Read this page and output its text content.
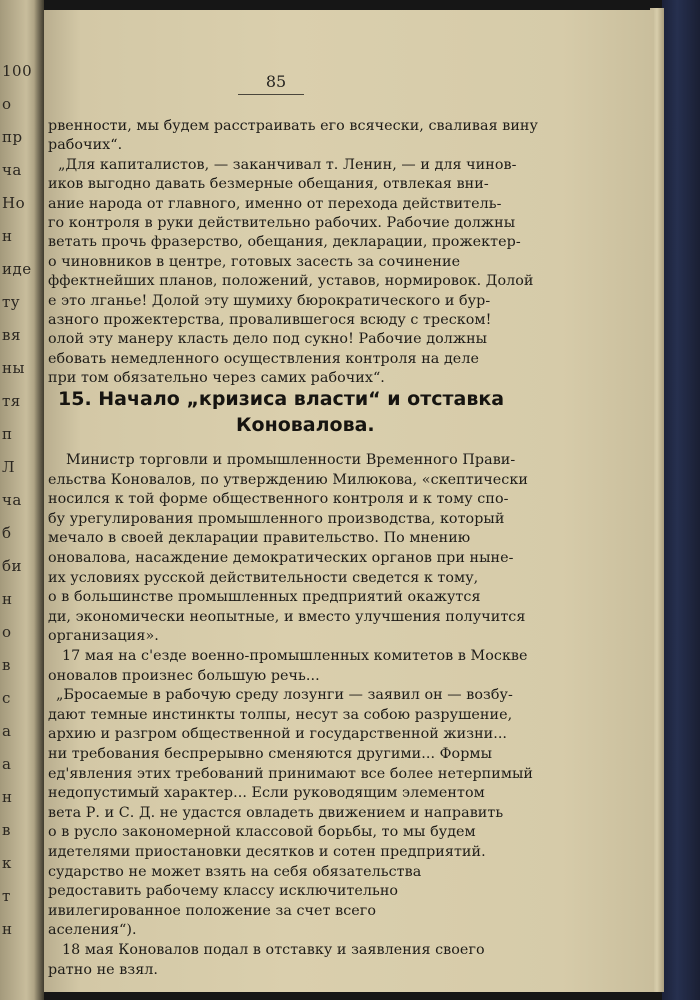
100
о
пр
ча
Ho
н
иде
ту
вя
ны
тя
п
Л
ча
б
би
н
о
в
с
а
а
н
в
к
т
н
85
рвенности, мы будем расстраивать его всячески, сваливая вину
рабочих“.
„Для капиталистов, — заканчивал т. Ленин, — и для чинов-
иков выгодно давать безмерные обещания, отвлекая вни-
ание народа от главного, именно от перехода действитель-
го контроля в руки действительно рабочих. Рабочие должны
ветать прочь фразерство, обещания, декларации, прожектер-
о чиновников в центре, готовых засесть за сочинение
ффектнейших планов, положений, уставов, нормировок. Долой
е это лганье! Долой эту шумиху бюрократического и бур-
азного прожектерства, провалившегося всюду с треском!
олой эту манеру класть дело под сукно! Рабочие должны
ебовать немедленного осуществления контроля на деле
при том обязательно через самих рабочих“.
15. Начало „кризиса власти“ и отставка
Коновалова.
Министр торговли и промышленности Временного Прави-
ельства Коновалов, по утверждению Милюкова, «скептически
носился к той форме общественного контроля и к тому спо-
бу урегулирования промышленного производства, который
мечало в своей декларации правительство. По мнению
оновалова, насаждение демократических органов при ныне-
их условиях русской действительности сведется к тому,
о в большинстве промышленных предприятий окажутся
ди, экономически неопытные, и вместо улучшения получится
организация».
17 мая на с'езде военно-промышленных комитетов в Москве
оновалов произнес большую речь...
„Бросаемые в рабочую среду лозунги — заявил он — возбу-
дают темные инстинкты толпы, несут за собою разрушение,
архию и разгром общественной и государственной жизни...
ни требования беспрерывно сменяются другими... Формы
ед'явления этих требований принимают все более нетерпимый
недопустимый характер... Если руководящим элементом
вета Р. и С. Д. не удастся овладеть движением и направить
о в русло закономерной классовой борьбы, то мы будем
идетелями приостановки десятков и сотен предприятий.
сударство не может взять на себя обязательства
редоставить рабочему классу исключительно
ивилегированное положение за счет всего
аселения“).
18 мая Коновалов подал в отставку и заявления своего
ратно не взял.
